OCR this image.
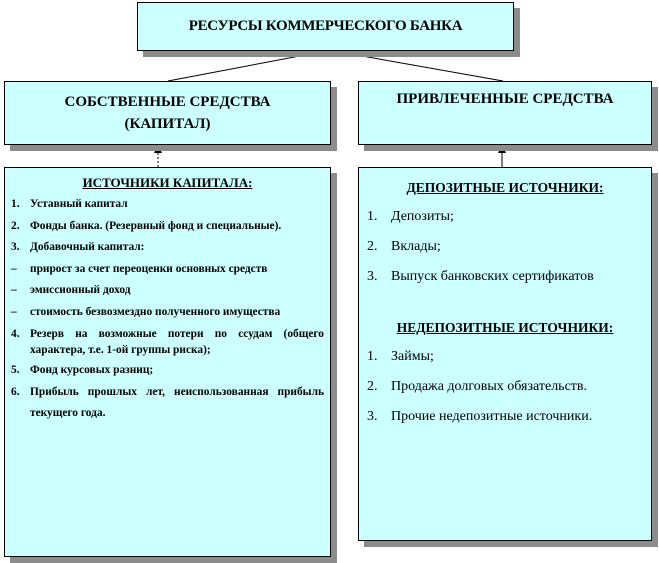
РЕСУРСЫ КОММЕРЧЕСКОГО БАНКА
СОБСТВЕННЫЕ СРЕДСТВА
(КАПИТАЛ)
ПРИВЛЕЧЕННЫЕ СРЕДСТВА
ИСТОЧНИКИ КАПИТАЛА:
1. Уставный капитал
2. Фонды банка. (Резервный фонд и специальные).
3. Добавочный капитал:
–	прирост за счет переоценки основных средств
–	эмиссионный доход
–	стоимость безвозмездно полученного имущества
4. Резерв на возможные потери по ссудам (общего характера, т.е. 1-ой группы риска);
5. Фонд курсовых разниц;
6. Прибыль прошлых лет, неиспользованная прибыль текущего года.
ДЕПОЗИТНЫЕ ИСТОЧНИКИ:
1. Депозиты;
2. Вклады;
3. Выпуск банковских сертификатов
НЕДЕПОЗИТНЫЕ ИСТОЧНИКИ:
1. Займы;
2. Продажа долговых обязательств.
3. Прочие недепозитные источники.
